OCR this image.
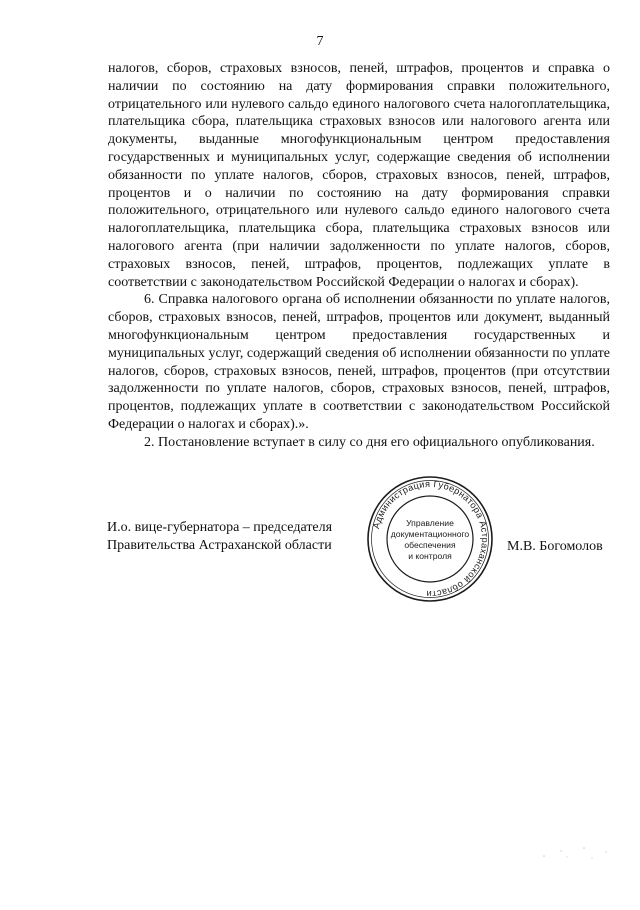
7

налогов, сборов, страховых взносов, пеней, штрафов, процентов и справка о наличии по состоянию на дату формирования справки положительного, отрицательного или нулевого сальдо единого налогового счета налогоплательщика, плательщика сбора, плательщика страховых взносов или налогового агента или документы, выданные многофункциональным центром предоставления государственных и муниципальных услуг, содержащие сведения об исполнении обязанности по уплате налогов, сборов, страховых взносов, пеней, штрафов, процентов и о наличии по состоянию на дату формирования справки положительного, отрицательного или нулевого сальдо единого налогового счета налогоплательщика, плательщика сбора, плательщика страховых взносов или налогового агента (при наличии задолженности по уплате налогов, сборов, страховых взносов, пеней, штрафов, процентов, подлежащих уплате в соответствии с законодательством Российской Федерации о налогах и сборах).

6. Справка налогового органа об исполнении обязанности по уплате налогов, сборов, страховых взносов, пеней, штрафов, процентов или документ, выданный многофункциональным центром предоставления государственных и муниципальных услуг, содержащий сведения об исполнении обязанности по уплате налогов, сборов, страховых взносов, пеней, штрафов, процентов (при отсутствии задолженности по уплате налогов, сборов, страховых взносов, пеней, штрафов, процентов, подлежащих уплате в соответствии с законодательством Российской Федерации о налогах и сборах).».

2. Постановление вступает в силу со дня его официального опубликования.

И.о. вице-губернатора – председателя
Правительства Астраханской области	М.В. Богомолов
Администрация Губернатора Астраханской области
Управление
документационного
обеспечения
и контроля
